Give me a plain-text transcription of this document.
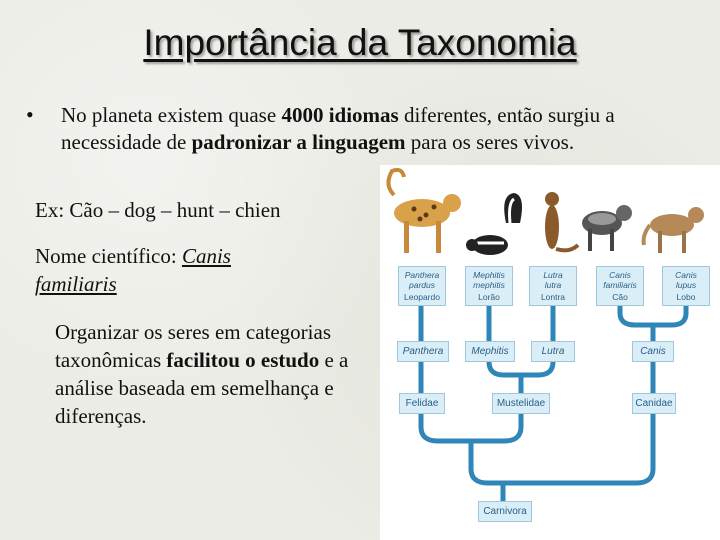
Importância da Taxonomia
• No planeta existem quase 4000 idiomas diferentes, então surgiu a necessidade de padronizar a linguagem para os seres vivos.
Ex: Cão – dog – hunt – chien
Nome científico: Canis
familiaris
Organizar os seres em categorias taxonômicas facilitou o estudo e a análise baseada em semelhança e diferenças.
Panthera
pardus
Leopardo
Mephitis
mephitis
Lorão
Lutra
lutra
Lontra
Canis
familiaris
Cão
Canis
lupus
Lobo
Panthera	Mephitis	Lutra	Canis
Felidae	Mustelidae	Canidae
Carnivora
